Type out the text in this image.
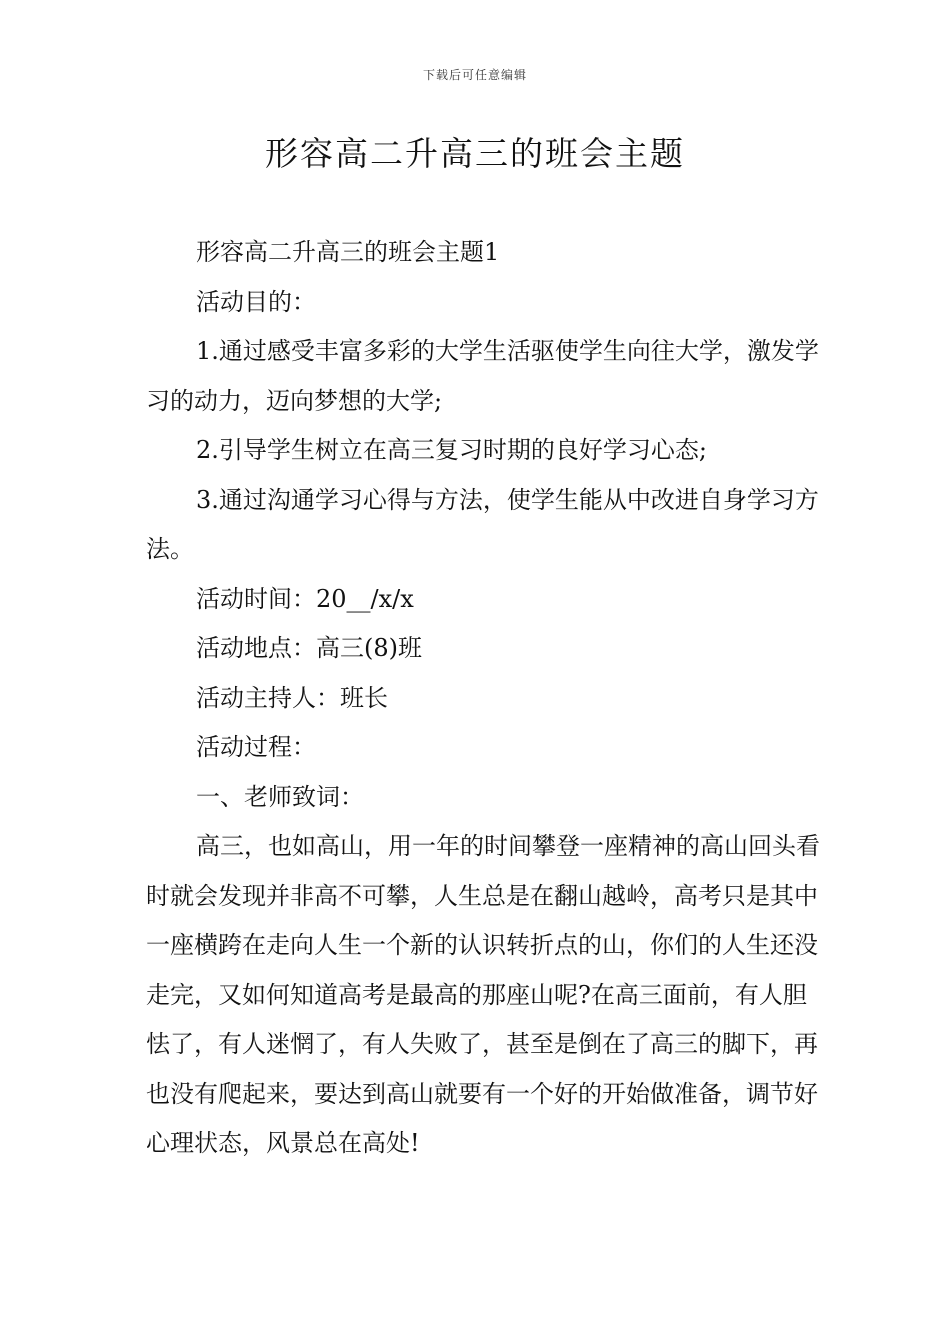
下载后可任意编辑
形容高二升高三的班会主题

形容高二升高三的班会主题1

活动目的：

1.通过感受丰富多彩的大学生活驱使学生向往大学，激发学习的动力，迈向梦想的大学;

2.引导学生树立在高三复习时期的良好学习心态;

3.通过沟通学习心得与方法，使学生能从中改进自身学习方法。

活动时间：20__/x/x

活动地点：高三(8)班

活动主持人：班长

活动过程：

一、老师致词：

高三，也如高山，用一年的时间攀登一座精神的高山回头看时就会发现并非高不可攀，人生总是在翻山越岭，高考只是其中一座横跨在走向人生一个新的认识转折点的山，你们的人生还没走完，又如何知道高考是最高的那座山呢?在高三面前，有人胆怯了，有人迷惘了，有人失败了，甚至是倒在了高三的脚下，再也没有爬起来，要达到高山就要有一个好的开始做准备，调节好心理状态，风景总在高处!
